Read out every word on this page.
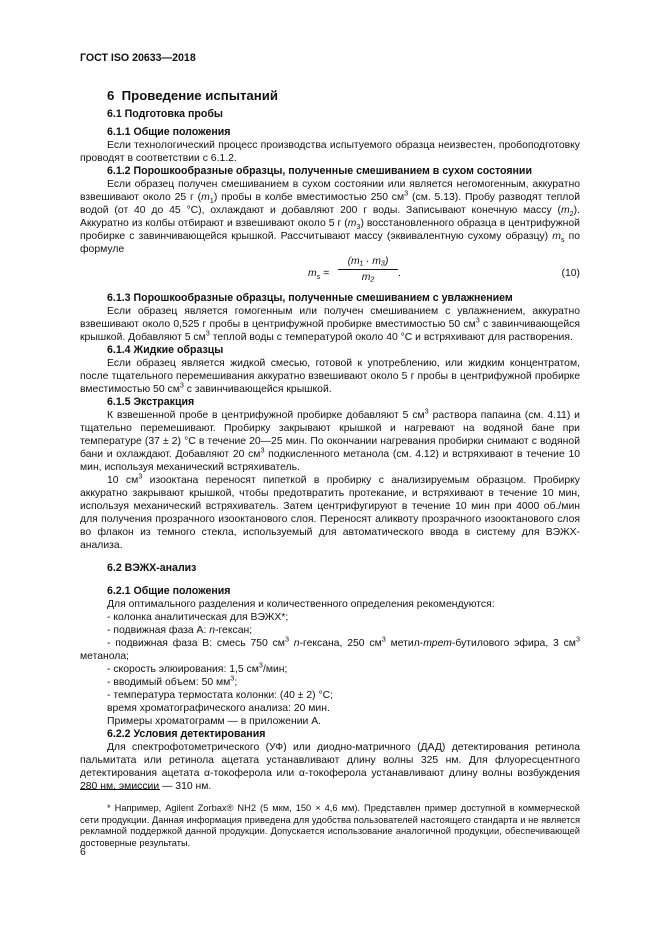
ГОСТ ISO 20633—2018
6 Проведение испытаний
6.1 Подготовка пробы
6.1.1 Общие положения

Если технологический процесс производства испытуемого образца неизвестен, пробоподготовку проводят в соответствии с 6.1.2.

6.1.2 Порошкообразные образцы, полученные смешиванием в сухом состоянии

Если образец получен смешиванием в сухом состоянии или является негомогенным, аккуратно взвешивают около 25 г $(m_1)$ пробы в колбе вместимостью 250 $см^3$ (см. 5.13). Пробу разводят теплой водой (от 40 до 45 °С), охлаждают и добавляют 200 г воды. Записывают конечную массу $(m_2)$. Аккуратно из колбы отбирают и взвешивают около 5 г $(m_3)$ восстановленного образца в центрифужной пробирке с завинчивающейся крышкой. Рассчитывают массу (эквивалентную сухому образцу) $m_s$ по формуле

$m_s = \frac{\text{(m₁ · m₃)}}{\text{m₂}}$ .	(10)
6.1.3 Порошкообразные образцы, полученные смешиванием с увлажнением

Если образец является гомогенным или получен смешиванием с увлажнением, аккуратно взвешивают около 0,525 г пробы в центрифужной пробирке вместимостью 50 $см^3$ с завинчивающейся крышкой. Добавляют 5 $см^3$ теплой воды с температурой около 40 °С и встряхивают для растворения.

6.1.4 Жидкие образцы

Если образец является жидкой смесью, готовой к употреблению, или жидким концентратом, после тщательного перемешивания аккуратно взвешивают около 5 г пробы в центрифужной пробирке вместимостью 50 $см^3$ с завинчивающейся крышкой.

6.1.5 Экстракция

К взвешенной пробе в центрифужной пробирке добавляют 5 $см^3$ раствора папаина (см. 4.11) и тщательно перемешивают. Пробирку закрывают крышкой и нагревают на водяной бане при температуре (37 ± 2) °С в течение 20—25 мин. По окончании нагревания пробирки снимают с водяной бани и охлаждают. Добавляют 20 $см^3$ подкисленного метанола (см. 4.12) и встряхивают в течение 10 мин, используя механический встряхиватель.

10 $см^3$ изооктана переносят пипеткой в пробирку с анализируемым образцом. Пробирку аккуратно закрывают крышкой, чтобы предотвратить протекание, и встряхивают в течение 10 мин, используя механический встряхиватель. Затем центрифугируют в течение 10 мин при 4000 об./мин для получения прозрачного изооктанового слоя. Переносят аликвоту прозрачного изооктанового слоя во флакон из темного стекла, используемый для автоматического ввода в систему для ВЭЖХ-анализа.

6.2 ВЭЖХ-анализ
6.2.1 Общие положения

Для оптимального разделения и количественного определения рекомендуются:

- колонка аналитическая для ВЭЖХ*;

- подвижная фаза А: n-гексан;

- подвижная фаза В: смесь 750 $см^3$ n-гексана, 250 $см^3$ метил-трет-бутилового эфира, 3 $см^3$ метанола;

- скорость элюирования: 1,5 $см^3$/мин;

- вводимый объем: 50 $мм^3$;

- температура термостата колонки: (40 ± 2) °С;

время хроматографического анализа: 20 мин.

Примеры хроматограмм — в приложении А.

6.2.2 Условия детектирования

Для спектрофотометрического (УФ) или диодно-матричного (ДАД) детектирования ретинола пальмитата или ретинола ацетата устанавливают длину волны 325 нм. Для флуоресцентного детектирования ацетата α-токоферола или α-токоферола устанавливают длину волны возбуждения 280 нм, эмиссии — 310 нм.

* Например, Agilent Zorbax® NH2 (5 мкм, 150 × 4,6 мм). Представлен пример доступной в коммерческой сети продукции. Данная информация приведена для удобства пользователей настоящего стандарта и не является рекламной поддержкой данной продукции. Допускается использование аналогичной продукции, обеспечивающей достоверные результаты.

6
